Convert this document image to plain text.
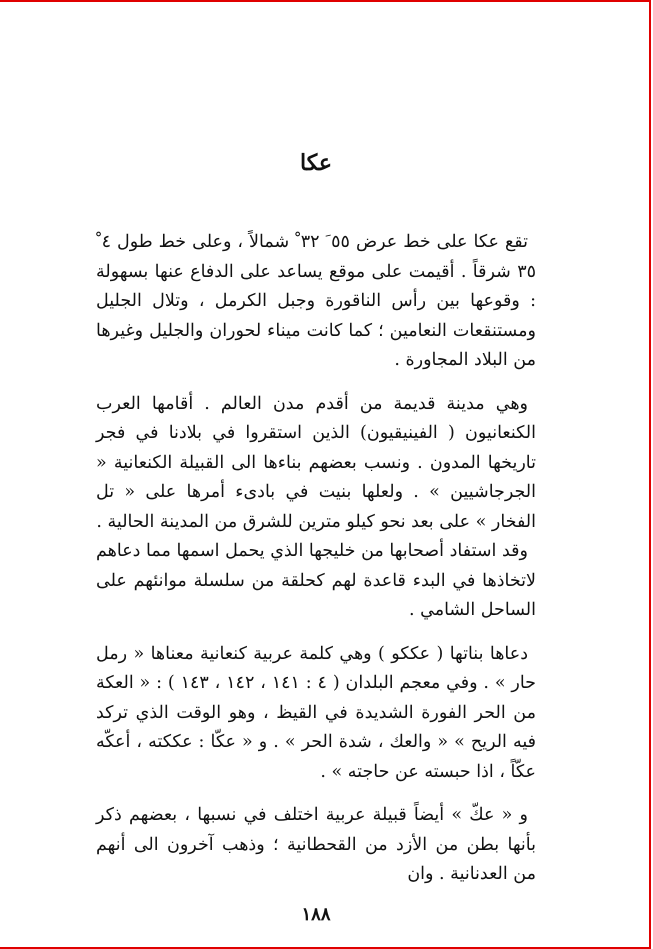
عكا

تقع عكا على خط عرض ٥٥ َ ٣٢ ْ شمالاً ، وعلى خط طول ٤ ْ ٣٥ شرقاً . أقيمت على موقع يساعد على الدفاع عنها بسهولة : وقوعها بين رأس الناقورة وجبل الكرمل ، وتلال الجليل ومستنقعات النعامين ؛ كما كانت ميناء لحوران والجليل وغيرها من البلاد المجاورة .

وهي مدينة قديمة من أقدم مدن العالم . أقامها العرب الكنعانيون ( الفينيقيون) الذين استقروا في بلادنا في فجر تاريخها المدون . ونسب بعضهم بناءها الى القبيلة الكنعانية « الجرجاشيين » . ولعلها بنيت في بادىء أمرها على « تل الفخار » على بعد نحو كيلو مترين للشرق من المدينة الحالية .

وقد استفاد أصحابها من خليجها الذي يحمل اسمها مما دعاهم لاتخاذها في البدء قاعدة لهم كحلقة من سلسلة موانئهم على الساحل الشامي .

دعاها بناتها ( عككو ) وهي كلمة عربية كنعانية معناها « رمل حار » . وفي معجم البلدان ( ٤ : ١٤١ ، ١٤٢ ، ١٤٣ ) : « العكة من الحر الفورة الشديدة في القيظ ، وهو الوقت الذي تركد فيه الريح » « والعك ، شدة الحر » . و « عكّا : عككته ، أعكّه عكّاً ، اذا حبسته عن حاجته » .

و « عكّ » أيضاً قبيلة عربية اختلف في نسبها ، بعضهم ذكر بأنها بطن من الأزد من القحطانية ؛ وذهب آخرون الى أنهم من العدنانية . وان

١٨٨
